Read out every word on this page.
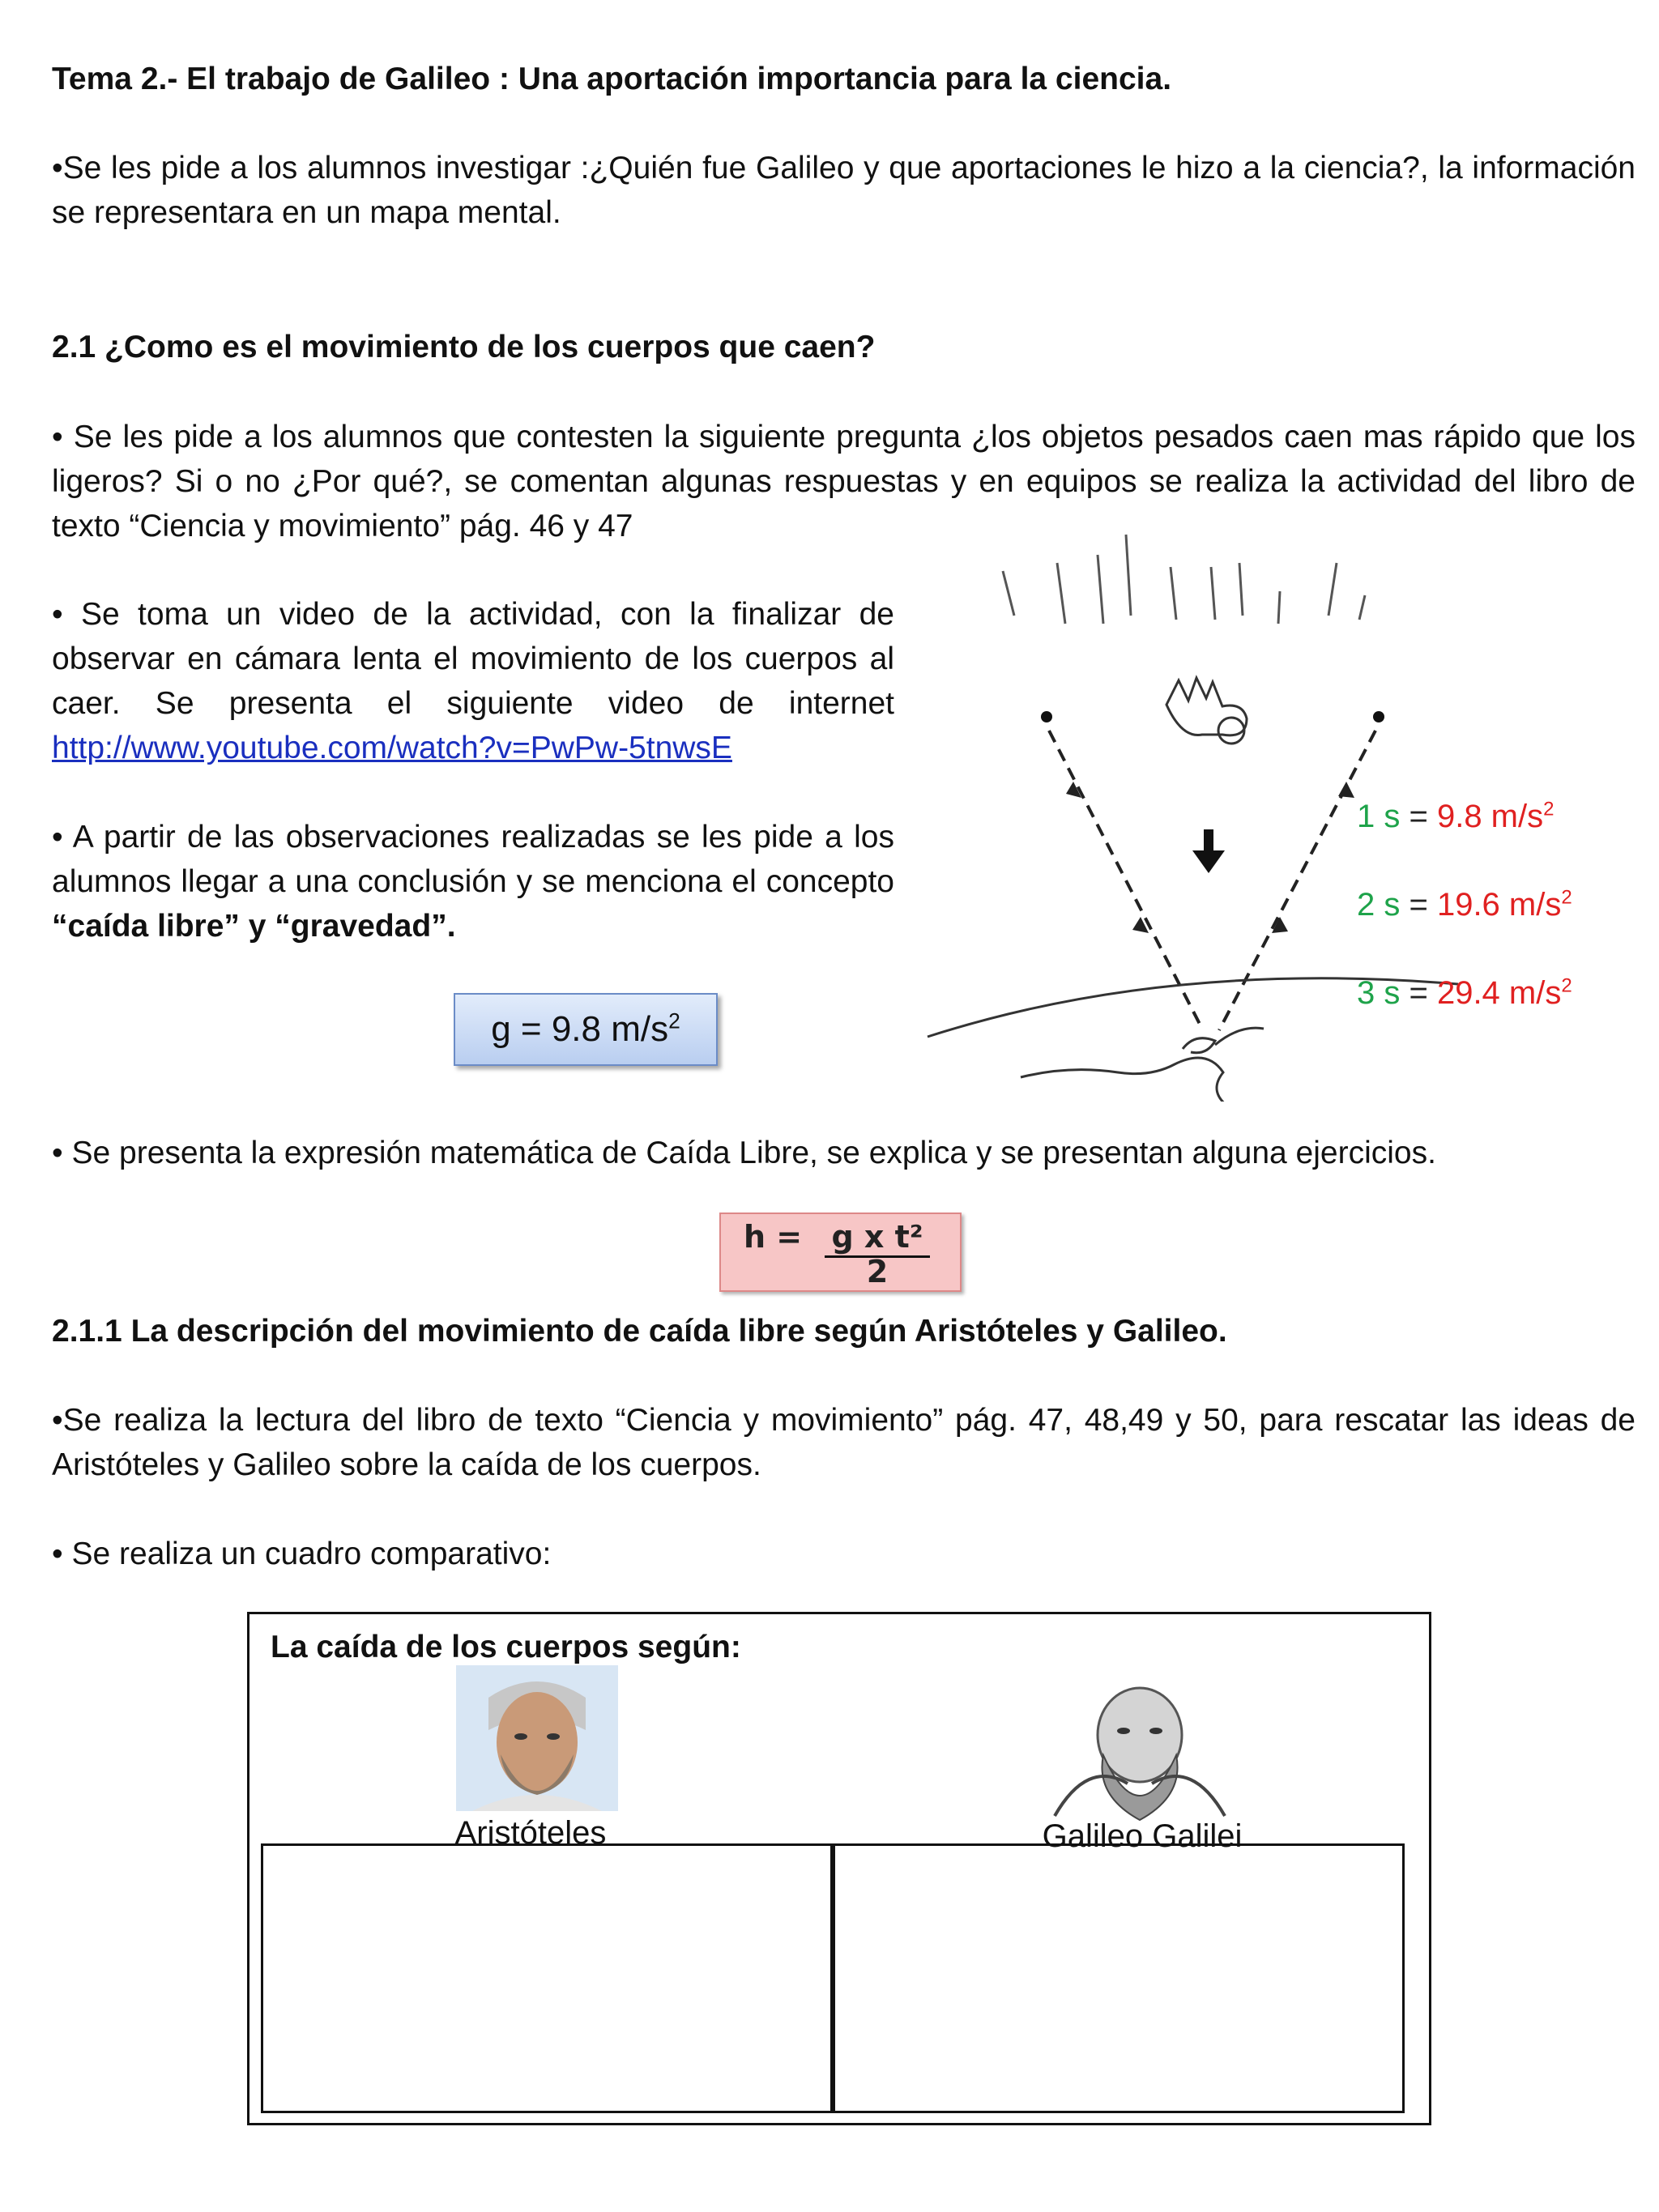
Tema 2.- El trabajo de Galileo : Una aportación importancia para la ciencia.
•Se les pide a los alumnos investigar :¿Quién fue Galileo y que aportaciones le hizo a la ciencia?, la información se representara en un mapa mental.
2.1 ¿Como es el movimiento de los cuerpos que caen?
• Se les pide a los alumnos que contesten la siguiente pregunta ¿los objetos pesados caen mas rápido que los ligeros? Si o no ¿Por qué?, se comentan algunas respuestas y en equipos se realiza la actividad del libro de texto “Ciencia y movimiento” pág. 46 y 47
• Se toma un video de la actividad, con la finalizar de observar en cámara lenta el movimiento de los cuerpos al caer. Se presenta el siguiente video de internet http://www.youtube.com/watch?v=PwPw-5tnwsE
• A partir de las observaciones realizadas se les pide a los alumnos llegar a una conclusión y se menciona el concepto “caída libre” y “gravedad”.
g = 9.8 $m/s^2$
1 s = 9.8 $m/s^2$
2 s = 19.6 $m/s^2$
3 s = 29.4 $m/s^2$
• Se presenta la expresión matemática de Caída Libre, se explica y se presentan alguna ejercicios.
h = g x t²
2
2.1.1 La descripción del movimiento de caída libre según Aristóteles y Galileo.
•Se realiza la lectura del libro de texto “Ciencia y movimiento” pág. 47, 48,49 y 50, para rescatar las ideas de Aristóteles y Galileo sobre la caída de los cuerpos.
• Se realiza un cuadro comparativo:
La caída de los cuerpos según:
Aristóteles	Galileo Galilei
